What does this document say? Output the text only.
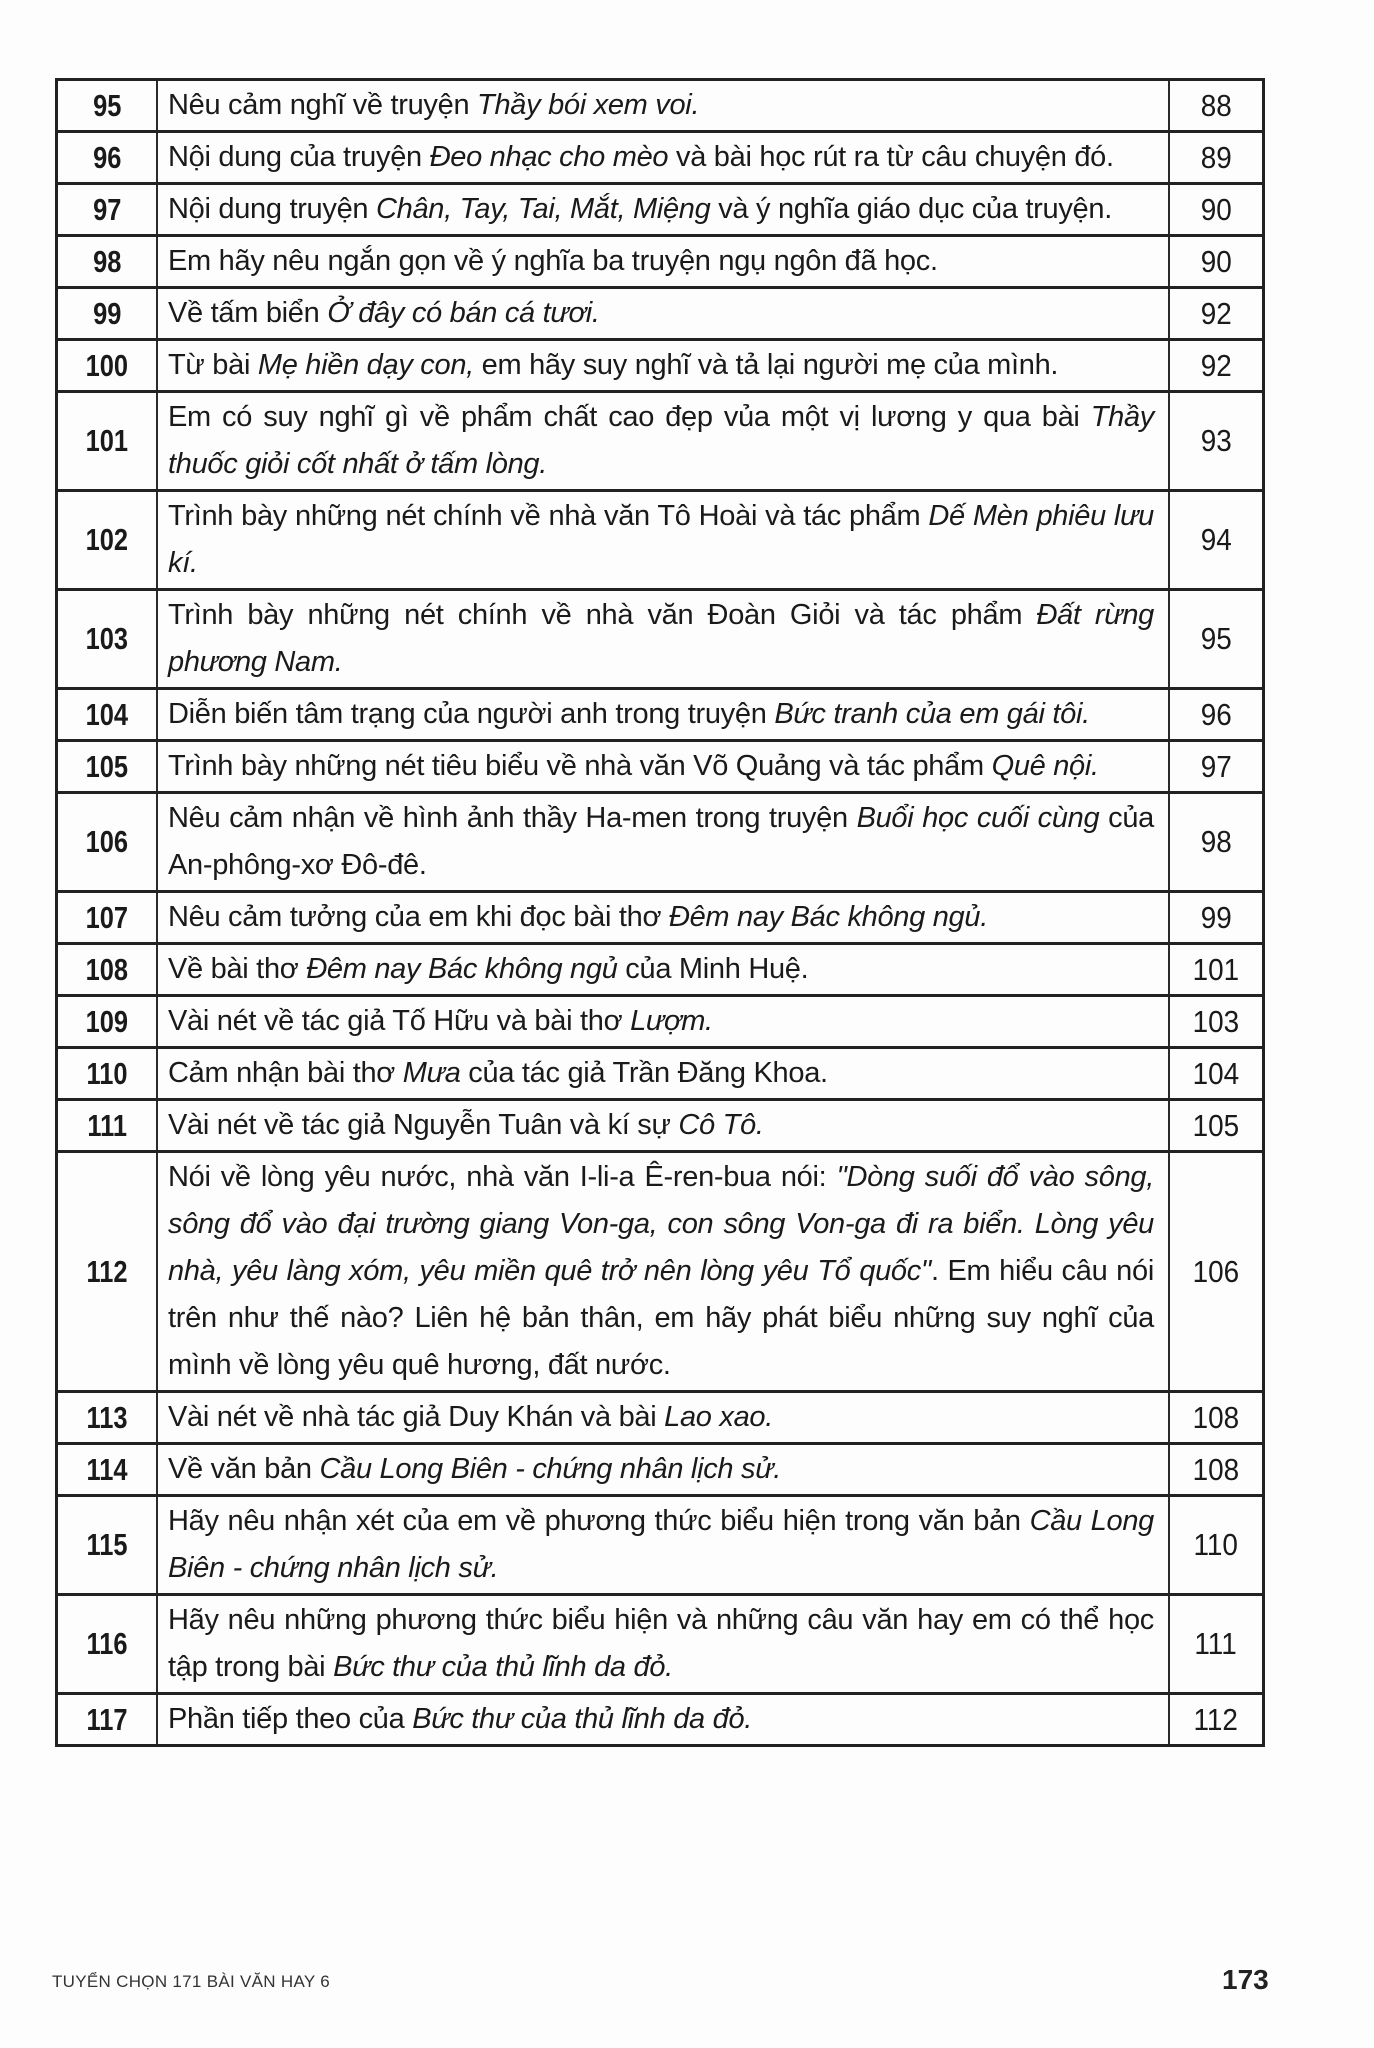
95	Nêu cảm nghĩ về truyện Thầy bói xem voi.	88
96	Nội dung của truyện Đeo nhạc cho mèo và bài học rút ra từ câu chuyện đó.	89
97	Nội dung truyện Chân, Tay, Tai, Mắt, Miệng và ý nghĩa giáo dục của truyện.	90
98	Em hãy nêu ngắn gọn về ý nghĩa ba truyện ngụ ngôn đã học.	90
99	Về tấm biển Ở đây có bán cá tươi.	92
100	Từ bài Mẹ hiền dạy con, em hãy suy nghĩ và tả lại người mẹ của mình.	92
101	Em có suy nghĩ gì về phẩm chất cao đẹp vủa một vị lương y qua bài Thầy thuốc giỏi cốt nhất ở tấm lòng.	93
102	Trình bày những nét chính về nhà văn Tô Hoài và tác phẩm Dế Mèn phiêu lưu kí.	94
103	Trình bày những nét chính về nhà văn Đoàn Giỏi và tác phẩm Đất rừng phương Nam.	95
104	Diễn biến tâm trạng của người anh trong truyện Bức tranh của em gái tôi.	96
105	Trình bày những nét tiêu biểu về nhà văn Võ Quảng và tác phẩm Quê nội.	97
106	Nêu cảm nhận về hình ảnh thầy Ha-men trong truyện Buổi học cuối cùng của An-phông-xơ Đô-đê.	98
107	Nêu cảm tưởng của em khi đọc bài thơ Đêm nay Bác không ngủ.	99
108	Về bài thơ Đêm nay Bác không ngủ của Minh Huệ.	101
109	Vài nét về tác giả Tố Hữu và bài thơ Lượm.	103
110	Cảm nhận bài thơ Mưa của tác giả Trần Đăng Khoa.	104
111	Vài nét về tác giả Nguyễn Tuân và kí sự Cô Tô.	105
112	Nói về lòng yêu nước, nhà văn I-li-a Ê-ren-bua nói: "Dòng suối đổ vào sông, sông đổ vào đại trường giang Von-ga, con sông Von-ga đi ra biển. Lòng yêu nhà, yêu làng xóm, yêu miền quê trở nên lòng yêu Tổ quốc". Em hiểu câu nói trên như thế nào? Liên hệ bản thân, em hãy phát biểu những suy nghĩ của mình về lòng yêu quê hương, đất nước.	106
113	Vài nét về nhà tác giả Duy Khán và bài Lao xao.	108
114	Về văn bản Cầu Long Biên - chứng nhân lịch sử.	108
115	Hãy nêu nhận xét của em về phương thức biểu hiện trong văn bản Cầu Long Biên - chứng nhân lịch sử.	110
116	Hãy nêu những phương thức biểu hiện và những câu văn hay em có thể học tập trong bài Bức thư của thủ lĩnh da đỏ.	111
117	Phần tiếp theo của Bức thư của thủ lĩnh da đỏ.	112
TUYỂN CHỌN 171 BÀI VĂN HAY 6	173
